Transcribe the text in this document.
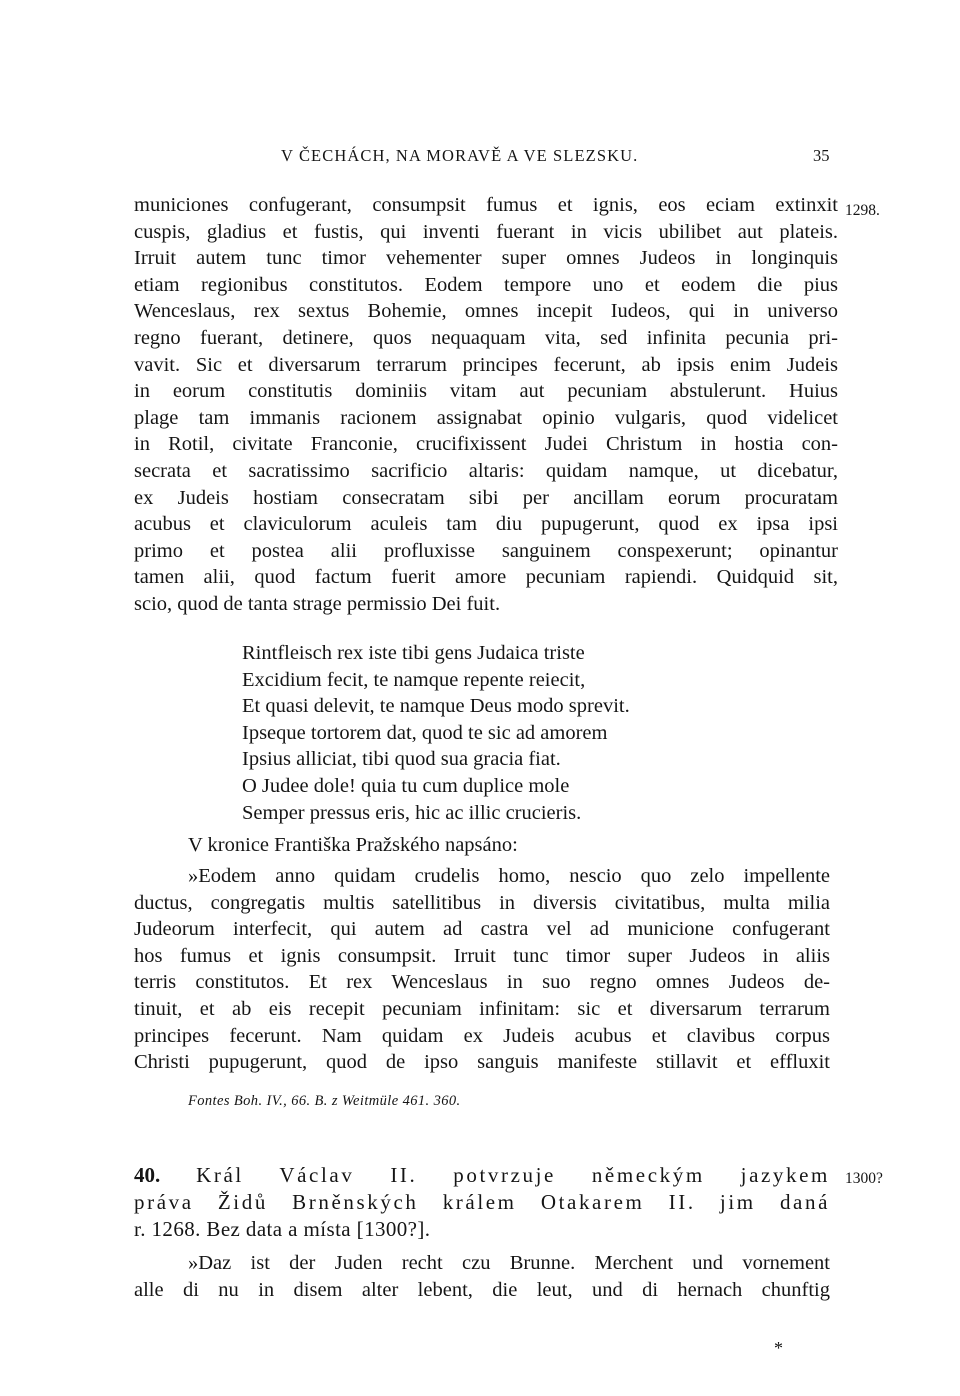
V ČECHÁCH, NA MORAVĚ A VE SLEZSKU.	35
1298.
municiones confugerant, consumpsit fumus et ignis, eos eciam extinxit
cuspis, gladius et fustis, qui inventi fuerant in vicis ubilibet aut plateis.
Irruit autem tunc timor vehementer super omnes Judeos in longinquis
etiam regionibus constitutos. Eodem tempore uno et eodem die pius
Wenceslaus, rex sextus Bohemie, omnes incepit Iudeos, qui in universo
regno fuerant, detinere, quos nequaquam vita, sed infinita pecunia pri-
vavit. Sic et diversarum terrarum principes fecerunt, ab ipsis enim Judeis
in eorum constitutis dominiis vitam aut pecuniam abstulerunt. Huius
plage tam immanis racionem assignabat opinio vulgaris, quod videlicet
in Rotil, civitate Franconie, crucifixissent Judei Christum in hostia con-
secrata et sacratissimo sacrificio altaris: quidam namque, ut dicebatur,
ex Judeis hostiam consecratam sibi per ancillam eorum procuratam
acubus et claviculorum aculeis tam diu pupugerunt, quod ex ipsa ipsi
primo et postea alii profluxisse sanguinem conspexerunt; opinantur
tamen alii, quod factum fuerit amore pecuniam rapiendi. Quidquid sit,
scio, quod de tanta strage permissio Dei fuit.
Rintfleisch rex iste tibi gens Judaica triste
Excidium fecit, te namque repente reiecit,
Et quasi delevit, te namque Deus modo sprevit.
Ipseque tortorem dat, quod te sic ad amorem
Ipsius alliciat, tibi quod sua gracia fiat.
O Judee dole! quia tu cum duplice mole
Semper pressus eris, hic ac illic crucieris.
V kronice Františka Pražského napsáno:
»Eodem anno quidam crudelis homo, nescio quo zelo impellente
ductus, congregatis multis satellitibus in diversis civitatibus, multa milia
Judeorum interfecit, qui autem ad castra vel ad municione confugerant
hos fumus et ignis consumpsit. Irruit tunc timor super Judeos in aliis
terris constitutos. Et rex Wenceslaus in suo regno omnes Judeos de-
tinuit, et ab eis recepit pecuniam infinitam: sic et diversarum terrarum
principes fecerunt. Nam quidam ex Judeis acubus et clavibus corpus
Christi pupugerunt, quod de ipso sanguis manifeste stillavit et effluxit
Fontes Boh. IV., 66. B. z Weitmüle 461. 360.
1300?
40. Král Václav II. potvrzuje německým jazykem
práva Židů Brněnských králem Otakarem II. jim daná
r. 1268. Bez data a místa [1300?].
»Daz ist der Juden recht czu Brunne. Merchent und vornement
alle di nu in disem alter lebent, die leut, und di hernach chunftig
*
